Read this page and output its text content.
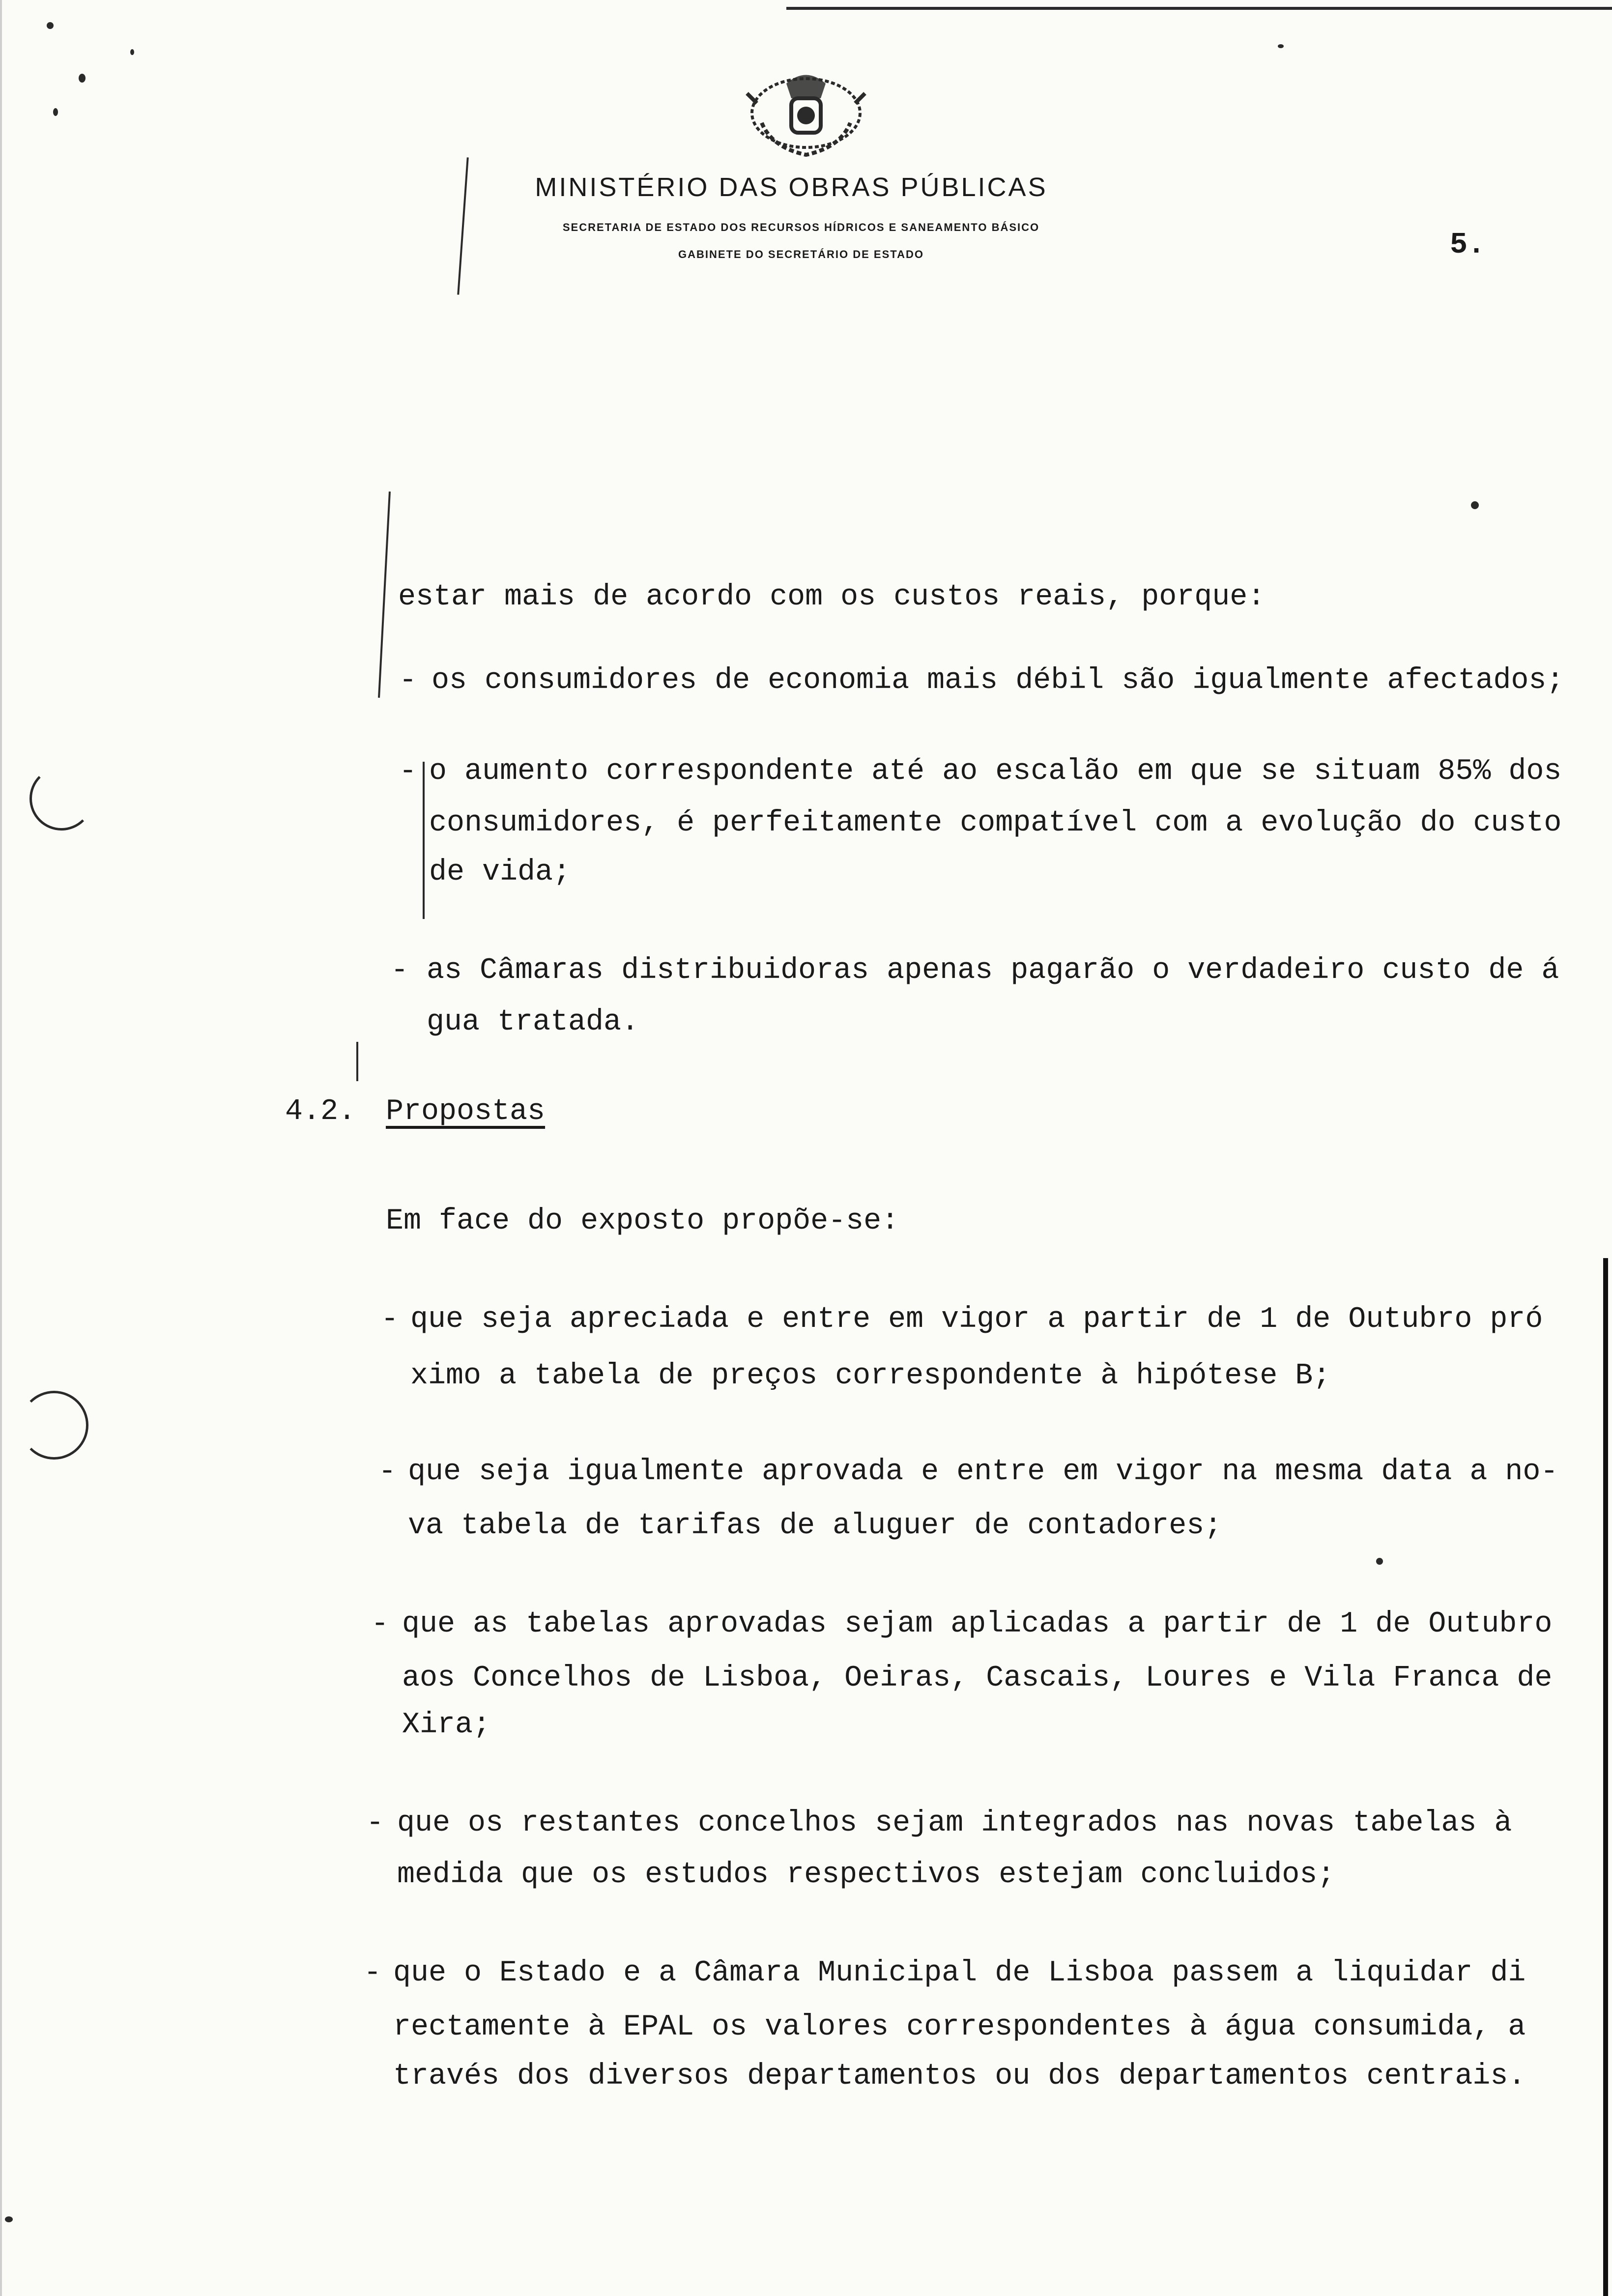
MINISTÉRIO DAS OBRAS PÚBLICAS
SECRETARIA DE ESTADO DOS RECURSOS HÍDRICOS E SANEAMENTO BÁSICO
GABINETE DO SECRETÁRIO DE ESTADO	5.
estar mais de acordo com os custos reais, porque:
- os consumidores de economia mais débil são igualmente afectados;
- o aumento correspondente até ao escalão em que se situam 85% dos
consumidores, é perfeitamente compatível com a evolução do custo
de vida;
- as Câmaras distribuidoras apenas pagarão o verdadeiro custo de á
gua tratada.
4.2. Propostas
Em face do exposto propõe-se:
- que seja apreciada e entre em vigor a partir de 1 de Outubro pró
ximo a tabela de preços correspondente à hipótese B;
- que seja igualmente aprovada e entre em vigor na mesma data a no-
va tabela de tarifas de aluguer de contadores;
- que as tabelas aprovadas sejam aplicadas a partir de 1 de Outubro
aos Concelhos de Lisboa, Oeiras, Cascais, Loures e Vila Franca de
Xira;
- que os restantes concelhos sejam integrados nas novas tabelas à
medida que os estudos respectivos estejam concluidos;
- que o Estado e a Câmara Municipal de Lisboa passem a liquidar di
rectamente à EPAL os valores correspondentes à água consumida, a
través dos diversos departamentos ou dos departamentos centrais.
